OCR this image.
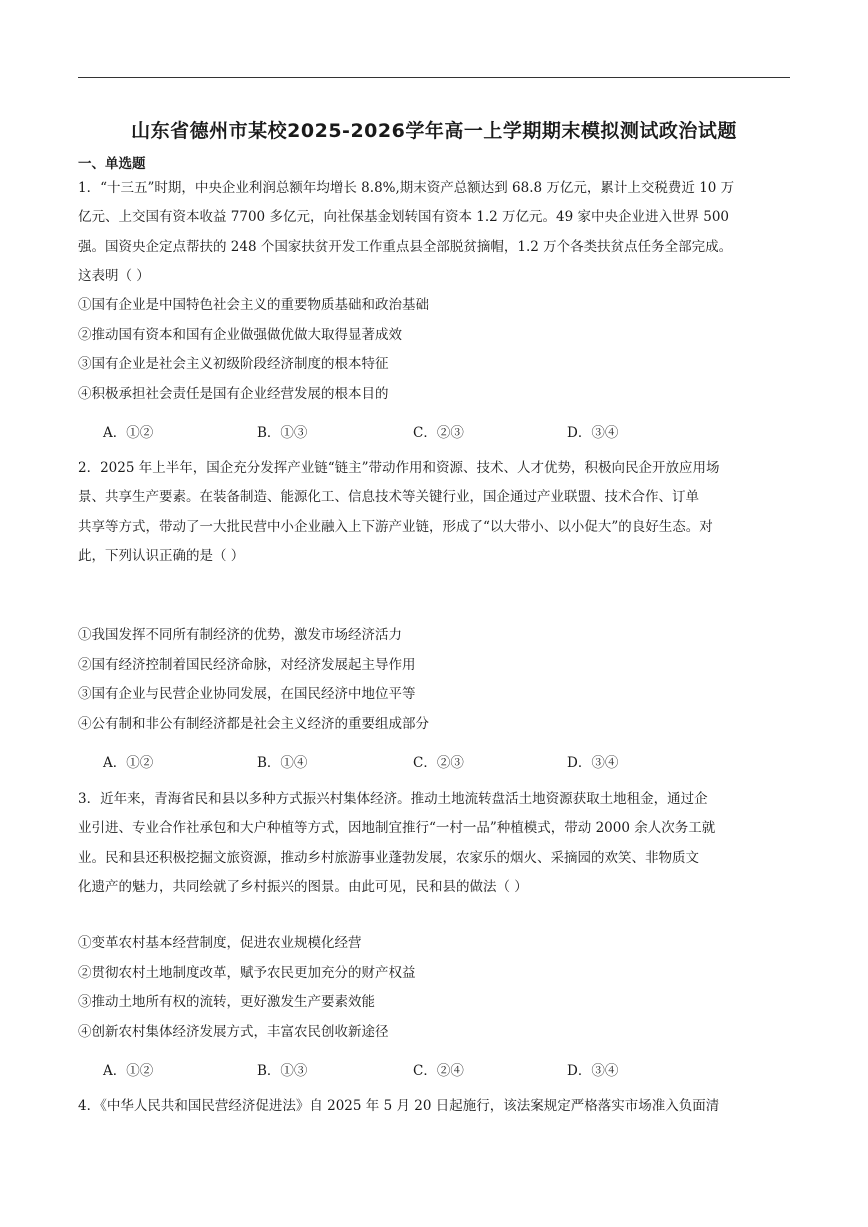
山东省德州市某校2025-2026学年高一上学期期末模拟测试政治试题
一、单选题
1．“十三五”时期，中央企业利润总额年均增长 8.8%,期末资产总额达到 68.8 万亿元，累计上交税费近 10 万
亿元、上交国有资本收益 7700 多亿元，向社保基金划转国有资本 1.2 万亿元。49 家中央企业进入世界 500
强。国资央企定点帮扶的 248 个国家扶贫开发工作重点县全部脱贫摘帽，1.2 万个各类扶贫点任务全部完成。
这表明（ ）
①国有企业是中国特色社会主义的重要物质基础和政治基础
②推动国有资本和国有企业做强做优做大取得显著成效
③国有企业是社会主义初级阶段经济制度的根本特征
④积极承担社会责任是国有企业经营发展的根本目的
A．①②	B．①③	C．②③	D．③④
2．2025 年上半年，国企充分发挥产业链“链主”带动作用和资源、技术、人才优势，积极向民企开放应用场
景、共享生产要素。在装备制造、能源化工、信息技术等关键行业，国企通过产业联盟、技术合作、订单
共享等方式，带动了一大批民营中小企业融入上下游产业链，形成了“以大带小、以小促大”的良好生态。对
此，下列认识正确的是（ ）
①我国发挥不同所有制经济的优势，激发市场经济活力
②国有经济控制着国民经济命脉，对经济发展起主导作用
③国有企业与民营企业协同发展，在国民经济中地位平等
④公有制和非公有制经济都是社会主义经济的重要组成部分
A．①②	B．①④	C．②③	D．③④
3．近年来，青海省民和县以多种方式振兴村集体经济。推动土地流转盘活土地资源获取土地租金，通过企
业引进、专业合作社承包和大户种植等方式，因地制宜推行“一村一品”种植模式，带动 2000 余人次务工就
业。民和县还积极挖掘文旅资源，推动乡村旅游事业蓬勃发展，农家乐的烟火、采摘园的欢笑、非物质文
化遗产的魅力，共同绘就了乡村振兴的图景。由此可见，民和县的做法（ ）
①变革农村基本经营制度，促进农业规模化经营
②贯彻农村土地制度改革，赋予农民更加充分的财产权益
③推动土地所有权的流转，更好激发生产要素效能
④创新农村集体经济发展方式，丰富农民创收新途径
A．①②	B．①③	C．②④	D．③④
4．《中华人民共和国民营经济促进法》自 2025 年 5 月 20 日起施行，该法案规定严格落实市场准入负面清
